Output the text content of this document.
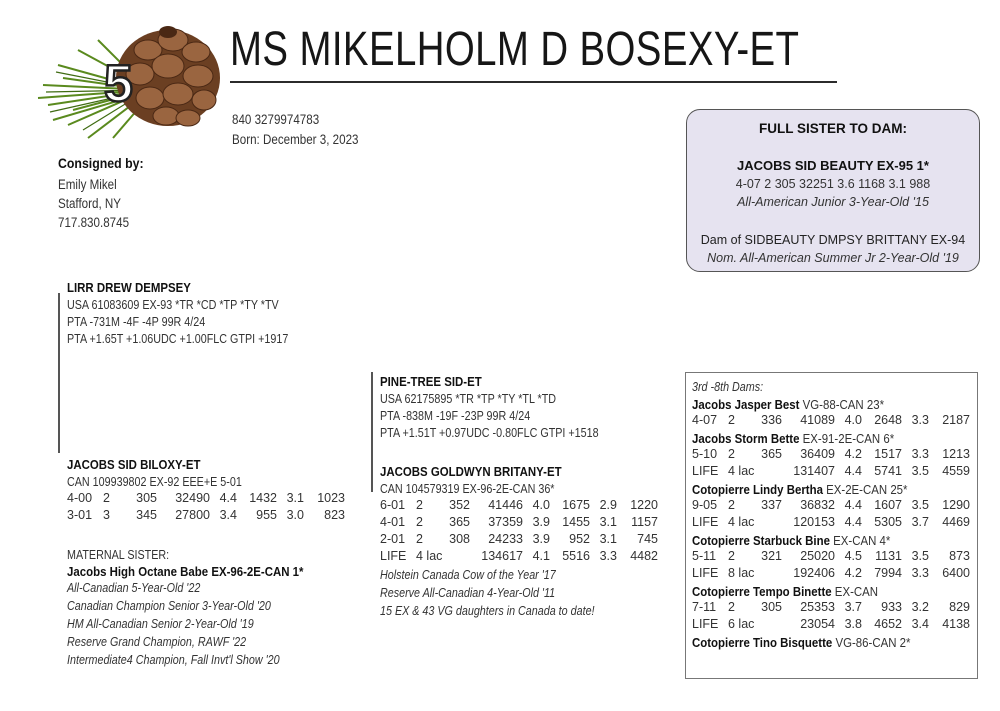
5
MS MIKELHOLM D BOSEXY-ET
840 3279974783
Born: December 3, 2023
Consigned by:
Emily Mikel
Stafford, NY
717.830.8745
FULL SISTER TO DAM:
JACOBS SID BEAUTY EX-95 1*
4-07 2 305 32251 3.6 1168 3.1 988
All-American Junior 3-Year-Old '15
Dam of SIDBEAUTY DMPSY BRITTANY EX-94
Nom. All-American Summer Jr 2-Year-Old '19
LIRR DREW DEMPSEY
USA 61083609 EX-93 *TR *CD *TP *TY *TV
PTA -731M -4F -4P 99R 4/24
PTA +1.65T +1.06UDC +1.00FLC GTPI +1917
PINE-TREE SID-ET
USA 62175895 *TR *TP *TY *TL *TD
PTA -838M -19F -23P 99R 4/24
PTA +1.51T +0.97UDC -0.80FLC GTPI +1518
JACOBS SID BILOXY-ET
CAN 109939802 EX-92 EEE+E 5-01
4-00 2 305 32490 4.4 1432 3.1 1023
3-01 3 345 27800 3.4 955 3.0 823
MATERNAL SISTER:
Jacobs High Octane Babe EX-96-2E-CAN 1*
All-Canadian 5-Year-Old '22
Canadian Champion Senior 3-Year-Old '20
HM All-Canadian Senior 2-Year-Old '19
Reserve Grand Champion, RAWF '22
Intermediate4 Champion, Fall Invt'l Show '20
JACOBS GOLDWYN BRITANY-ET
CAN 104579319 EX-96-2E-CAN 36*
6-01 2 352 41446 4.0 1675 2.9 1220
4-01 2 365 37359 3.9 1455 3.1 1157
2-01 2 308 24233 3.9 952 3.1 745
LIFE 4 lac	134617 4.1 5516 3.3 4482
Holstein Canada Cow of the Year '17
Reserve All-Canadian 4-Year-Old '11
15 EX & 43 VG daughters in Canada to date!
3rd -8th Dams:
Jacobs Jasper Best VG-88-CAN 23*
4-07 2 336 41089 4.0 2648 3.3 2187
Jacobs Storm Bette EX-91-2E-CAN 6*
5-10 2 365 36409 4.2 1517 3.3 1213
LIFE 4 lac	131407 4.4 5741 3.5 4559
Cotopierre Lindy Bertha EX-2E-CAN 25*
9-05 2 337 36832 4.4 1607 3.5 1290
LIFE 4 lac	120153 4.4 5305 3.7 4469
Cotopierre Starbuck Bine EX-CAN 4*
5-11 2 321 25020 4.5 1131 3.5 873
LIFE 8 lac	192406 4.2 7994 3.3 6400
Cotopierre Tempo Binette EX-CAN
7-11 2 305 25353 3.7 933 3.2 829
LIFE 6 lac	23054 3.8 4652 3.4 4138
Cotopierre Tino Bisquette VG-86-CAN 2*
